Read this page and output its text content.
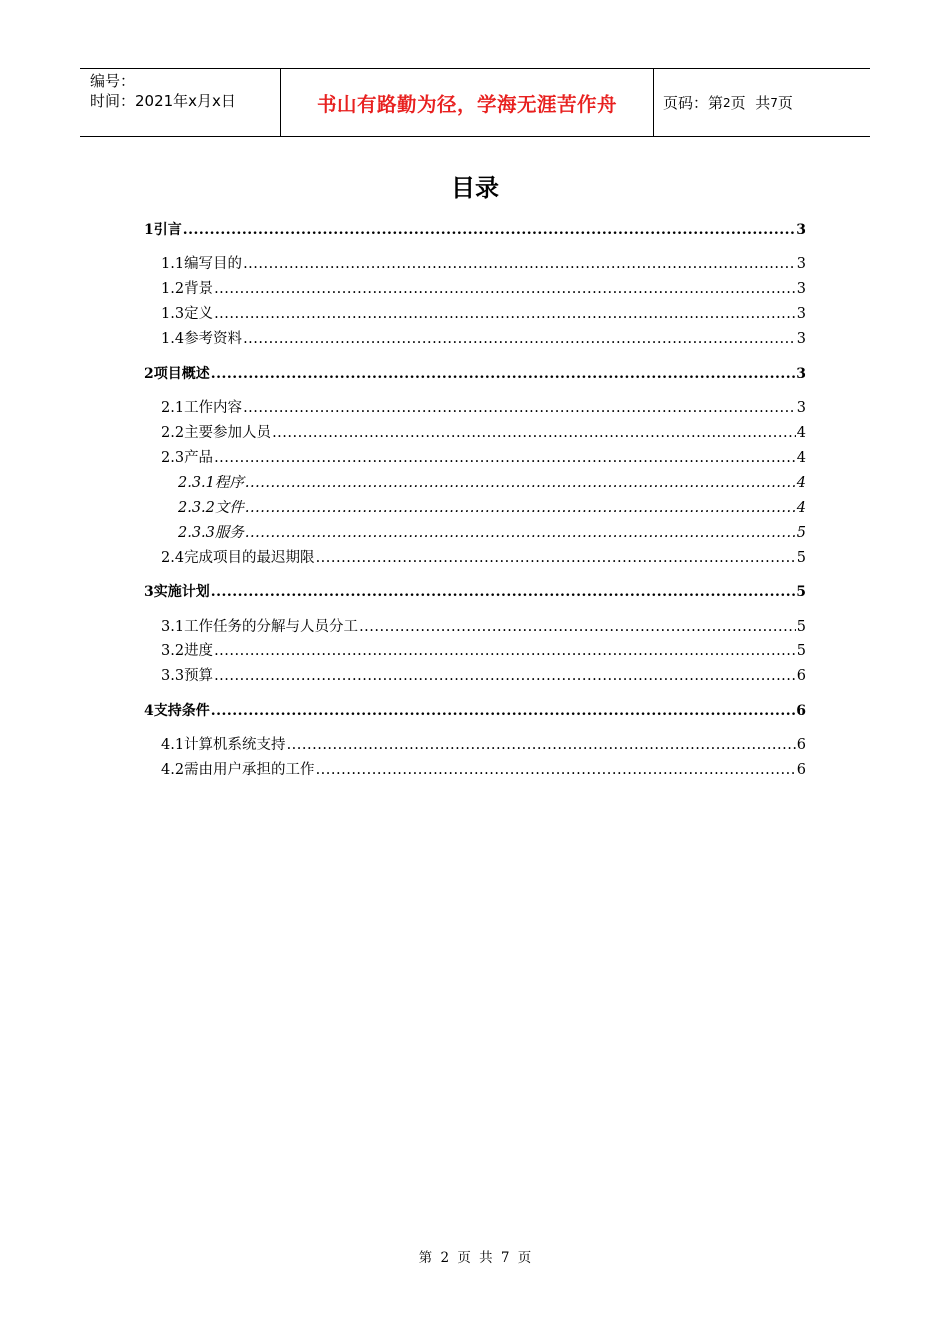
编号：
时间：2021年x月x日	书山有路勤为径，学海无涯苦作舟	页码：第 2 页  共 7 页
目录
1 引言 .....	3
1.1 编写目的 .....	3
1.2 背景 .....	3
1.3 定义 .....	3
1.4 参考资料 .....	3
2 项目概述 .....	3
2.1 工作内容 .....	3
2.2 主要参加人员 .....	4
2.3 产品 .....	4
2.3.1 程序 .....	4
2.3.2 文件 .....	4
2.3.3 服务 .....	5
2.4 完成项目的最迟期限 .....	5
3 实施计划 .....	5
3.1 工作任务的分解与人员分工 .....	5
3.2 进度 .....	5
3.3 预算 .....	6
4 支持条件 .....	6
4.1 计算机系统支持 .....	6
4.2 需由用户承担的工作 .....	6
第 2 页 共 7 页
